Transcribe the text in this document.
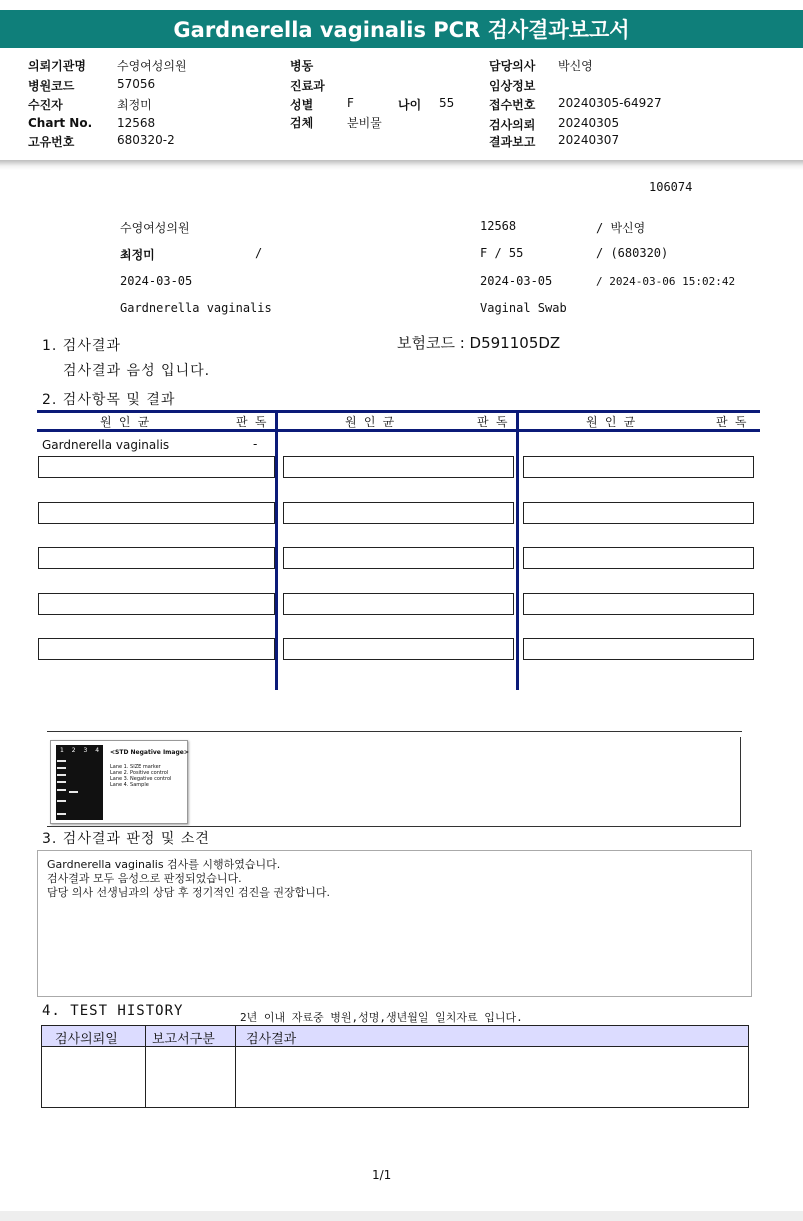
Gardnerella vaginalis PCR 검사결과보고서
의뢰기관명	수영여성의원
병원코드	57056
수진자	최정미
Chart No. 12568
고유번호	680320-2
병동
진료과
성별	F	나이 55
검체	분비물
담당의사 박신영
임상정보
접수번호 20240305-64927
검사의뢰 20240305
결과보고 20240307
106074
수영여성의원	12568	/ 박신영
최정미	/	F / 55	/ (680320)
2024-03-05	2024-03-05	/ 2024-03-06 15:02:42
Gardnerella vaginalis	Vaginal Swab
1. 검사결과
검사결과 음성 입니다.
보험코드 : D591105DZ
2. 검사항목 및 결과
원 인 균	판 독	원 인 균	판 독	원 인 균	판 독
Gardnerella vaginalis	-
1 2 3 4 <STD Negative Image>
Lane 1. SIZE marker
Lane 2. Positive control
Lane 3. Negative control
Lane 4. Sample
3. 검사결과 판정 및 소견
Gardnerella vaginalis 검사를 시행하였습니다.
검사결과 모두 음성으로 판정되었습니다.
담당 의사 선생님과의 상담 후 정기적인 검진을 권장합니다.
4. TEST HISTORY	2년 이내 자료중 병원,성명,생년월일 일치자료 입니다.
검사의뢰일	보고서구분 검사결과
1/1
